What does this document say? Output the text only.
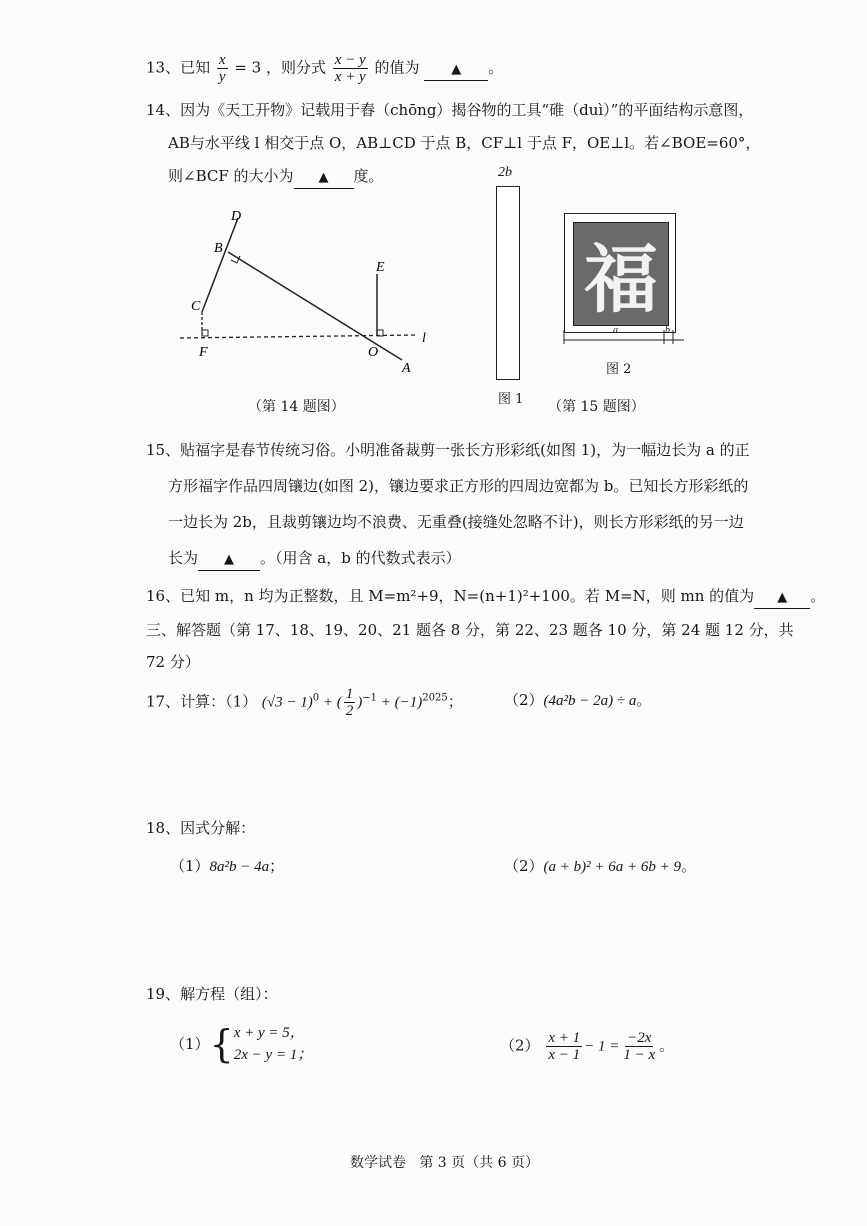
13、已知 $\frac{x}{y} = 3$ ，则分式 $\frac{x - y}{x + y}$ 的值为 ▲ 。
14、因为《天工开物》记载用于舂（chōng）揭谷物的工具“碓（duì）”的平面结构示意图，
AB与水平线 l 相交于点 O，AB⊥CD 于点 B，CF⊥l 于点 F，OE⊥l。若∠BOE=60°，
则∠BCF 的大小为 ▲ 度。
D
B
C
F
E
O
A
l
（第 14 题图）
2b
图 1
福
a	b
图 2
（第 15 题图）
15、贴福字是春节传统习俗。小明准备裁剪一张长方形彩纸(如图 1)，为一幅边长为 a 的正
方形福字作品四周镶边(如图 2)，镶边要求正方形的四周边宽都为 b。已知长方形彩纸的
一边长为 2b，且裁剪镶边均不浪费、无重叠(接缝处忽略不计)，则长方形彩纸的另一边
长为 ▲ 。（用含 a，b 的代数式表示）
16、已知 m，n 均为正整数，且 M=m²+9，N=(n+1)²+100。若 M=N，则 mn 的值为 ▲ 。
三、解答题（第 17、18、19、20、21 题各 8 分，第 22、23 题各 10 分，第 24 题 12 分，共
72 分）
17、计算：（1） $(√3 - 1)^0$ + ( $\frac{1}{2} )^{-1} + (-1)^{2025}$；	（2）(4a²b − 2a) ÷ a。
18、因式分解：
（1）8a²b − 4a；	（2）(a + b)² + 6a + 6b + 9。
19、解方程（组）：
（1） { x + y = 5，
2x − y = 1；
$(2) \frac{x + 1}{x - 1} - 1 = \frac{-2x}{1 - x}$ 。
数学试卷 第 3 页（共 6 页）
